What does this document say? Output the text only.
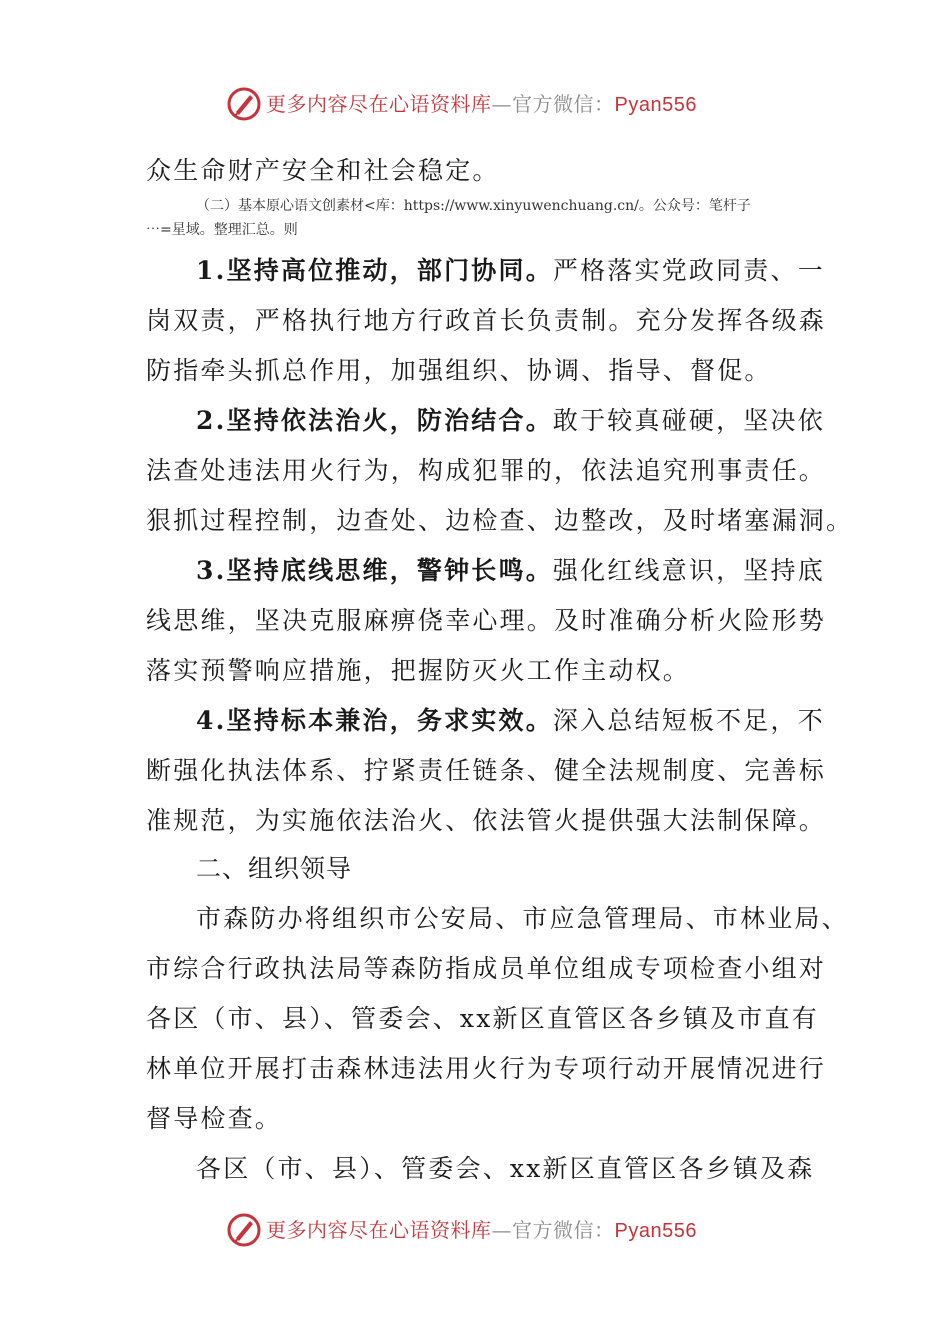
更多内容尽在心语资料库—官方微信：Pyan556
众生命财产安全和社会稳定。
（二）基本原心语文创素材<库：https://www.xinyuwenchuang.cn/。公众号：笔杆子
⋯=星域。整理汇总。则
1.坚持高位推动，部门协同。严格落实党政同责、一
岗双责，严格执行地方行政首长负责制。充分发挥各级森
防指牵头抓总作用，加强组织、协调、指导、督促。
2.坚持依法治火，防治结合。敢于较真碰硬，坚决依
法查处违法用火行为，构成犯罪的，依法追究刑事责任。
狠抓过程控制，边查处、边检查、边整改，及时堵塞漏洞。
3.坚持底线思维，警钟长鸣。强化红线意识，坚持底
线思维，坚决克服麻痹侥幸心理。及时准确分析火险形势
落实预警响应措施，把握防灭火工作主动权。
4.坚持标本兼治，务求实效。深入总结短板不足，不
断强化执法体系、拧紧责任链条、健全法规制度、完善标
准规范，为实施依法治火、依法管火提供强大法制保障。
二、组织领导
市森防办将组织市公安局、市应急管理局、市林业局、
市综合行政执法局等森防指成员单位组成专项检查小组对
各区（市、县）、管委会、xx新区直管区各乡镇及市直有
林单位开展打击森林违法用火行为专项行动开展情况进行
督导检查。
各区（市、县）、管委会、xx新区直管区各乡镇及森
更多内容尽在心语资料库—官方微信：Pyan556
